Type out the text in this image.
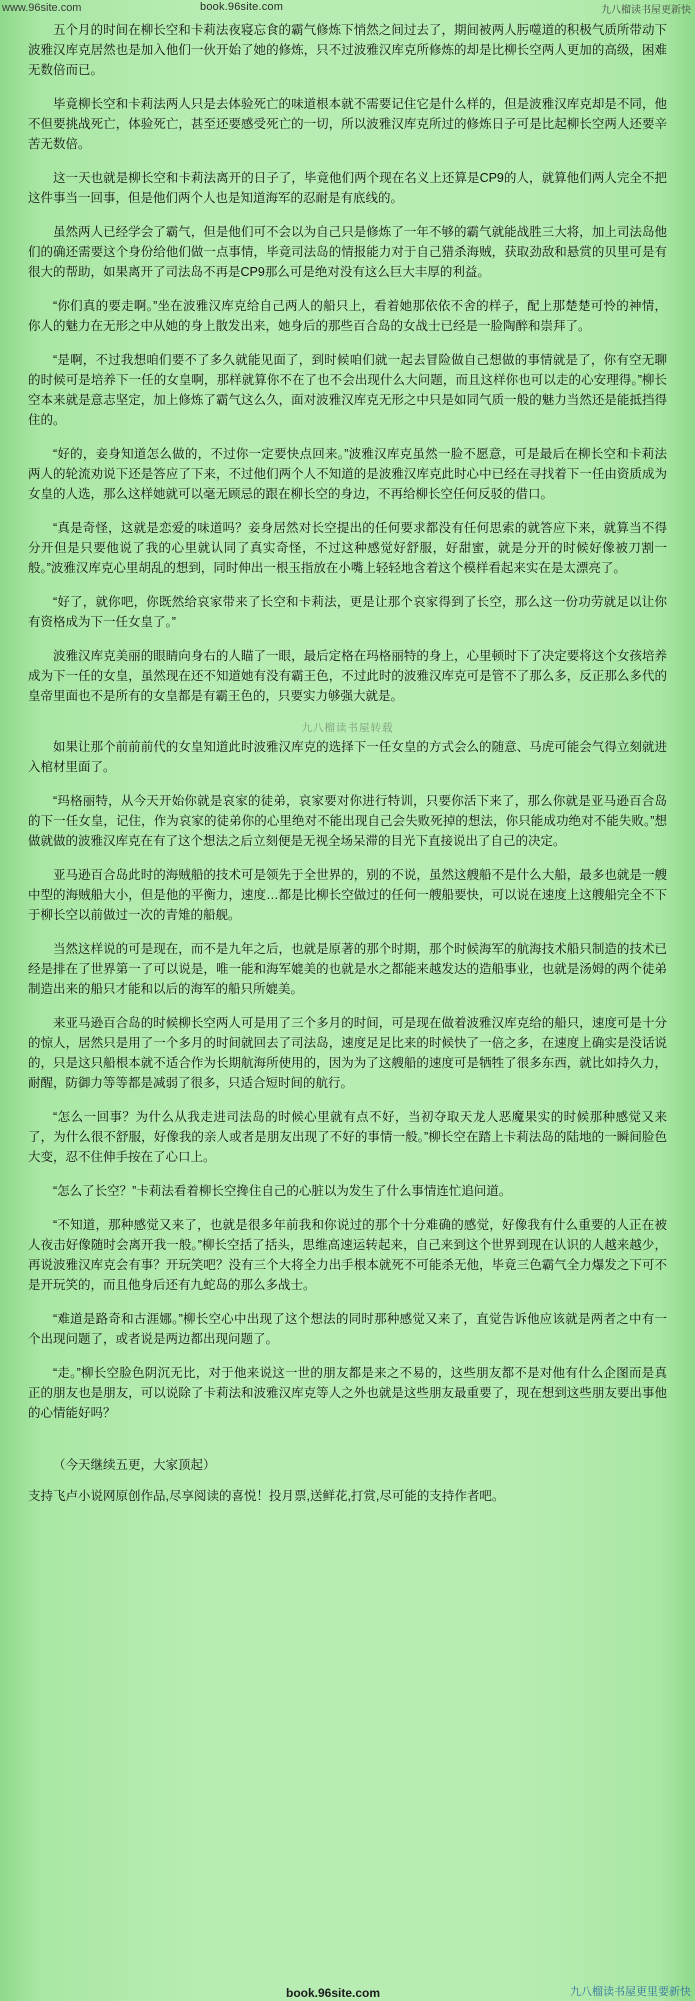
www.96site.com	book.96site.com	九八榴读书屋更新快

五个月的时间在柳长空和卡莉法夜寝忘食的霸气修炼下悄然之间过去了，期间被两人肟噬道的积极气质所带动下波雅汉库克居然也是加入他们一伙开始了她的修炼，只不过波雅汉库克所修炼的却是比柳长空两人更加的高级，困难无数倍而已。

毕竟柳长空和卡莉法两人只是去体验死亡的味道根本就不需要记住它是什么样的，但是波雅汉库克却是不同，他不但要挑战死亡，体验死亡，甚至还要感受死亡的一切，所以波雅汉库克所过的修炼日子可是比起柳长空两人还要辛苦无数倍。

这一天也就是柳长空和卡莉法离开的日子了，毕竟他们两个现在名义上还算是CP9的人，就算他们两人完全不把这件事当一回事，但是他们两个人也是知道海军的忍耐是有底线的。

虽然两人已经学会了霸气，但是他们可不会以为自己只是修炼了一年不够的霸气就能战胜三大将，加上司法岛他们的确还需要这个身份给他们做一点事情，毕竟司法岛的情报能力对于自己猎杀海贼，获取劲敌和悬赏的贝里可是有很大的帮助，如果离开了司法岛不再是CP9那么可是绝对没有这么巨大丰厚的利益。

“你们真的要走啊。”坐在波雅汉库克给自己两人的船只上，看着她那依依不舍的样子，配上那楚楚可怜的神情，你人的魅力在无形之中从她的身上散发出来，她身后的那些百合岛的女战士已经是一脸陶醉和崇拜了。

“是啊，不过我想咱们要不了多久就能见面了，到时候咱们就一起去冒险做自己想做的事情就是了，你有空无聊的时候可是培养下一任的女皇啊，那样就算你不在了也不会出现什么大问题，而且这样你也可以走的心安理得。”柳长空本来就是意志坚定，加上修炼了霸气这么久，面对波雅汉库克无形之中只是如同气质一般的魅力当然还是能抵挡得住的。

“好的，妾身知道怎么做的，不过你一定要快点回来。”波雅汉库克虽然一脸不愿意，可是最后在柳长空和卡莉法两人的轮流劝说下还是答应了下来，不过他们两个人不知道的是波雅汉库克此时心中已经在寻找着下一任由资质成为女皇的人选，那么这样她就可以毫无顾忌的跟在柳长空的身边，不再给柳长空任何反驳的借口。

“真是奇怪，这就是恋爱的味道吗？妾身居然对长空提出的任何要求都没有任何思索的就答应下来，就算当不得分开但是只要他说了我的心里就认同了真实奇怪，不过这种感觉好舒服，好甜蜜，就是分开的时候好像被刀割一般。”波雅汉库克心里胡乱的想到，同时伸出一根玉指放在小嘴上轻轻地含着这个模样看起来实在是太漂亮了。

“好了，就你吧，你既然给哀家带来了长空和卡莉法，更是让那个哀家得到了长空，那么这一份功劳就足以让你有资格成为下一任女皇了。”

波雅汉库克美丽的眼睛向身右的人瞄了一眼，最后定格在玛格丽特的身上，心里顿时下了决定要将这个女孩培养成为下一任的女皇，虽然现在还不知道她有没有霸王色，不过此时的波雅汉库克可是管不了那么多，反正那么多代的皇帝里面也不是所有的女皇都是有霸王色的，只要实力够强大就是。

九八榴读书屋转载

如果让那个前前前代的女皇知道此时波雅汉库克的选择下一任女皇的方式会么的随意、马虎可能会气得立刻就进入棺材里面了。

“玛格丽特，从今天开始你就是哀家的徒弟，哀家要对你进行特训，只要你活下来了，那么你就是亚马逊百合岛的下一任女皇，记住，作为哀家的徒弟你的心里绝对不能出现自己会失败死掉的想法，你只能成功绝对不能失败。”想做就做的波雅汉库克在有了这个想法之后立刻便是无视全场呆滞的目光下直接说出了自己的决定。

亚马逊百合岛此时的海贼船的技术可是领先于全世界的，别的不说，虽然这艘船不是什么大船，最多也就是一艘中型的海贼船大小，但是他的平衡力，速度…都是比柳长空做过的任何一艘船要快，可以说在速度上这艘船完全不下于柳长空以前做过一次的青雉的船舰。

当然这样说的可是现在，而不是九年之后，也就是原著的那个时期，那个时候海军的航海技术船只制造的技术已经是排在了世界第一了可以说是，唯一能和海军媲美的也就是水之都能来越发达的造船事业，也就是汤姆的两个徒弟制造出来的船只才能和以后的海军的船只所媲美。

来亚马逊百合岛的时候柳长空两人可是用了三个多月的时间，可是现在做着波雅汉库克给的船只，速度可是十分的惊人，居然只是用了一个多月的时间就回去了司法岛，速度足足比来的时候快了一倍之多，在速度上确实是没话说的，只是这只船根本就不适合作为长期航海所使用的，因为为了这艘船的速度可是牺牲了很多东西，就比如持久力，耐醒，防御力等等都是减弱了很多，只适合短时间的航行。

“怎么一回事？为什么从我走进司法岛的时候心里就有点不好，当初夺取天龙人恶魔果实的时候那种感觉又来了，为什么很不舒服，好像我的亲人或者是朋友出现了不好的事情一般。”柳长空在踏上卡莉法岛的陆地的一瞬间脸色大变，忍不住伸手按在了心口上。

“怎么了长空？”卡莉法看着柳长空搀住自己的心脏以为发生了什么事情连忙追问道。

“不知道，那种感觉又来了，也就是很多年前我和你说过的那个十分难确的感觉，好像我有什么重要的人正在被人夜击好像随时会离开我一般。”柳长空括了括头，思维高速运转起来，自己来到这个世界到现在认识的人越来越少，再说波雅汉库克会有事？开玩笑吧？没有三个大将全力出手根本就死不可能杀无他，毕竟三色霸气全力爆发之下可不是开玩笑的，而且他身后还有九蛇岛的那么多战士。

“难道是路奇和古涯娜。”柳长空心中出现了这个想法的同时那种感觉又来了，直觉告诉他应该就是两者之中有一个出现问题了，或者说是两边都出现问题了。

“走。”柳长空脸色阴沉无比，对于他来说这一世的朋友都是来之不易的，这些朋友都不是对他有什么企图而是真正的朋友也是朋友，可以说除了卡莉法和波雅汉库克等人之外也就是这些朋友最重要了，现在想到这些朋友要出事他的心情能好吗？

（今天继续五更，大家顶起）

支持飞卢小说网原创作品,尽享阅读的喜悦！投月票,送鲜花,打赏,尽可能的支持作者吧。

book.96site.com	九八榴读书屋更里要新快
